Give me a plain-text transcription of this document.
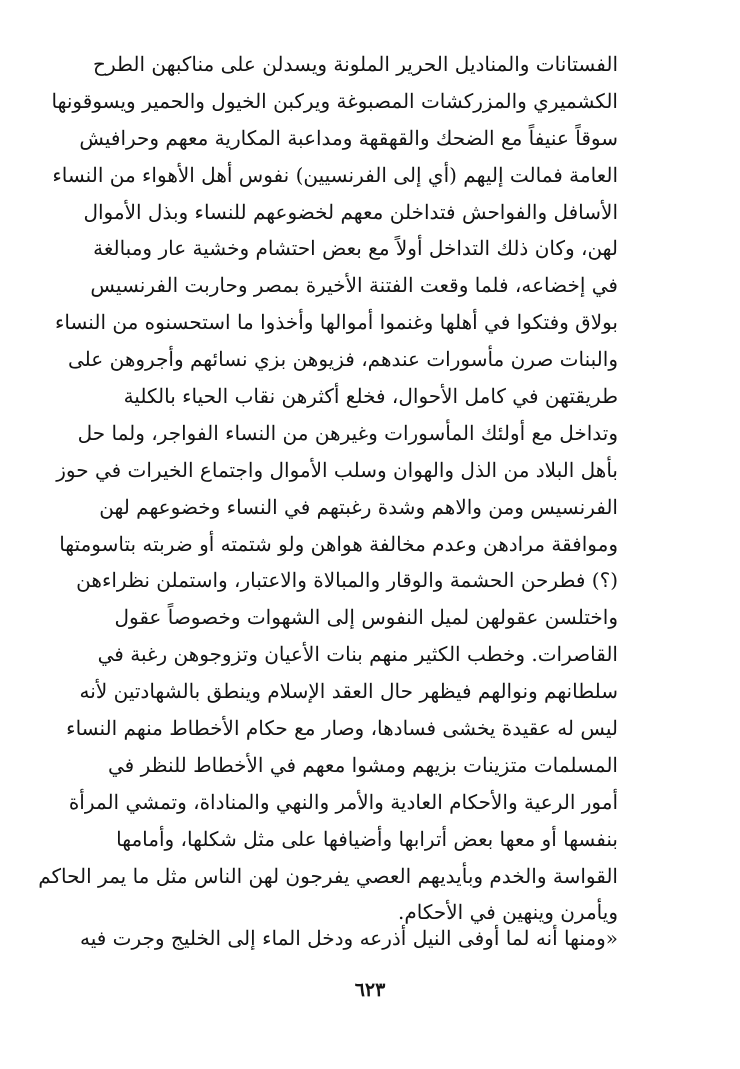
الفستانات والمناديل الحرير الملونة ويسدلن على مناكبهن الطرح
الكشميري والمزركشات المصبوغة ويركبن الخيول والحمير ويسوقونها
سوقاً عنيفاً مع الضحك والقهقهة ومداعبة المكارية معهم وحرافيش
العامة فمالت إليهم (أي إلى الفرنسيين) نفوس أهل الأهواء من النساء
الأسافل والفواحش فتداخلن معهم لخضوعهم للنساء وبذل الأموال
لهن، وكان ذلك التداخل أولاً مع بعض احتشام وخشية عار ومبالغة
في إخضاعه، فلما وقعت الفتنة الأخيرة بمصر وحاربت الفرنسيس
بولاق وفتكوا في أهلها وغنموا أموالها وأخذوا ما استحسنوه من النساء
والبنات صرن مأسورات عندهم، فزيوهن بزي نسائهم وأجروهن على
طريقتهن في كامل الأحوال، فخلع أكثرهن نقاب الحياء بالكلية
وتداخل مع أولئك المأسورات وغيرهن من النساء الفواجر، ولما حل
بأهل البلاد من الذل والهوان وسلب الأموال واجتماع الخيرات في حوز
الفرنسيس ومن والاهم وشدة رغبتهم في النساء وخضوعهم لهن
وموافقة مرادهن وعدم مخالفة هواهن ولو شتمته أو ضربته بتاسومتها
(؟) فطرحن الحشمة والوقار والمبالاة والاعتبار، واستملن نظراءهن
واختلسن عقولهن لميل النفوس إلى الشهوات وخصوصاً عقول
القاصرات. وخطب الكثير منهم بنات الأعيان وتزوجوهن رغبة في
سلطانهم ونوالهم فيظهر حال العقد الإسلام وينطق بالشهادتين لأنه
ليس له عقيدة يخشى فسادها، وصار مع حكام الأخطاط منهم النساء
المسلمات متزينات بزيهم ومشوا معهم في الأخطاط للنظر في
أمور الرعية والأحكام العادية والأمر والنهي والمناداة، وتمشي المرأة
بنفسها أو معها بعض أترابها وأضيافها على مثل شكلها، وأمامها
القواسة والخدم وبأيديهم العصي يفرجون لهن الناس مثل ما يمر الحاكم
ويأمرن وينهين في الأحكام.
«ومنها أنه لما أوفى النيل أذرعه ودخل الماء إلى الخليج وجرت فيه
٦٢٣
